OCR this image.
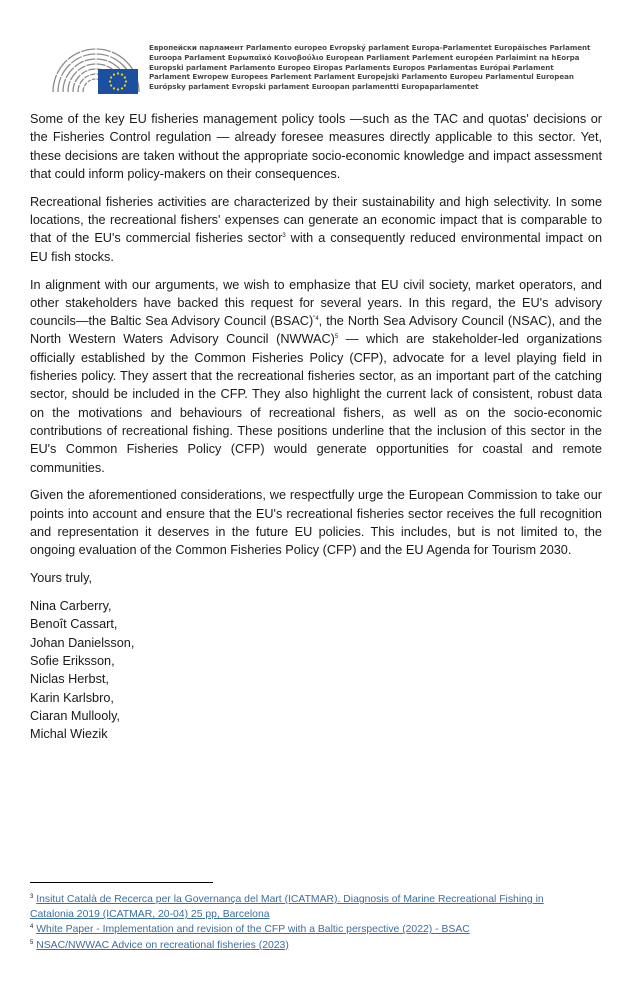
Европейски парламент Parlamento europeo Evropský parlament Europa-Parlamentet Europäisches Parlament
Euroopa Parlament Ευρωπαϊκό Κοινοβούλιο European Parliament Parlement européen Parlaimint na hEorpa
Europski parlament Parlamento Europeo Eiropas Parlaments Europos Parlamentas Európai Parlament
Parlament Ewropew Europees Parlement Parlament Europejski Parlamento Europeu Parlamentul European
Európsky parlament Evropski parlament Euroopan parlamentti Europaparlamentet

Some of the key EU fisheries management policy tools —such as the TAC and quotas' decisions or the Fisheries Control regulation — already foresee measures directly applicable to this sector. Yet, these decisions are taken without the appropriate socio-economic knowledge and impact assessment that could inform policy-makers on their consequences.

Recreational fisheries activities are characterized by their sustainability and high selectivity. In some locations, the recreational fishers' expenses can generate an economic impact that is comparable to that of the EU's commercial fisheries sector$^3$ with a consequently reduced environmental impact on EU fish stocks.

In alignment with our arguments, we wish to emphasize that EU civil society, market operators, and other stakeholders have backed this request for several years. In this regard, the EU's advisory councils—the Baltic Sea Advisory Council (BSAC)$^{"4}$, the North Sea Advisory Council (NSAC), and the North Western Waters Advisory Council (NWWAC)$^5$ — which are stakeholder-led organizations officially established by the Common Fisheries Policy (CFP), advocate for a level playing field in fisheries policy. They assert that the recreational fisheries sector, as an important part of the catching sector, should be included in the CFP. They also highlight the current lack of consistent, robust data on the motivations and behaviours of recreational fishers, as well as on the socio-economic contributions of recreational fishing. These positions underline that the inclusion of this sector in the EU's Common Fisheries Policy (CFP) would generate opportunities for coastal and remote communities.

Given the aforementioned considerations, we respectfully urge the European Commission to take our points into account and ensure that the EU's recreational fisheries sector receives the full recognition and representation it deserves in the future EU policies. This includes, but is not limited to, the ongoing evaluation of the Common Fisheries Policy (CFP) and the EU Agenda for Tourism 2030.

Yours truly,

Nina Carberry,
Benoît Cassart,
Johan Danielsson,
Sofie Eriksson,
Niclas Herbst,
Karin Karlsbro,
Ciaran Mullooly,
Michal Wiezik
$^3$ Insitut Català de Recerca per la Governança del Mart (ICATMAR). Diagnosis of Marine Recreational Fishing in Catalonia 2019 (ICATMAR, 20-04) 25 pp, Barcelona
$^4$ White Paper - Implementation and revision of the CFP with a Baltic perspective (2022) - BSAC
$^5$ NSAC/NWWAC Advice on recreational fisheries (2023)
